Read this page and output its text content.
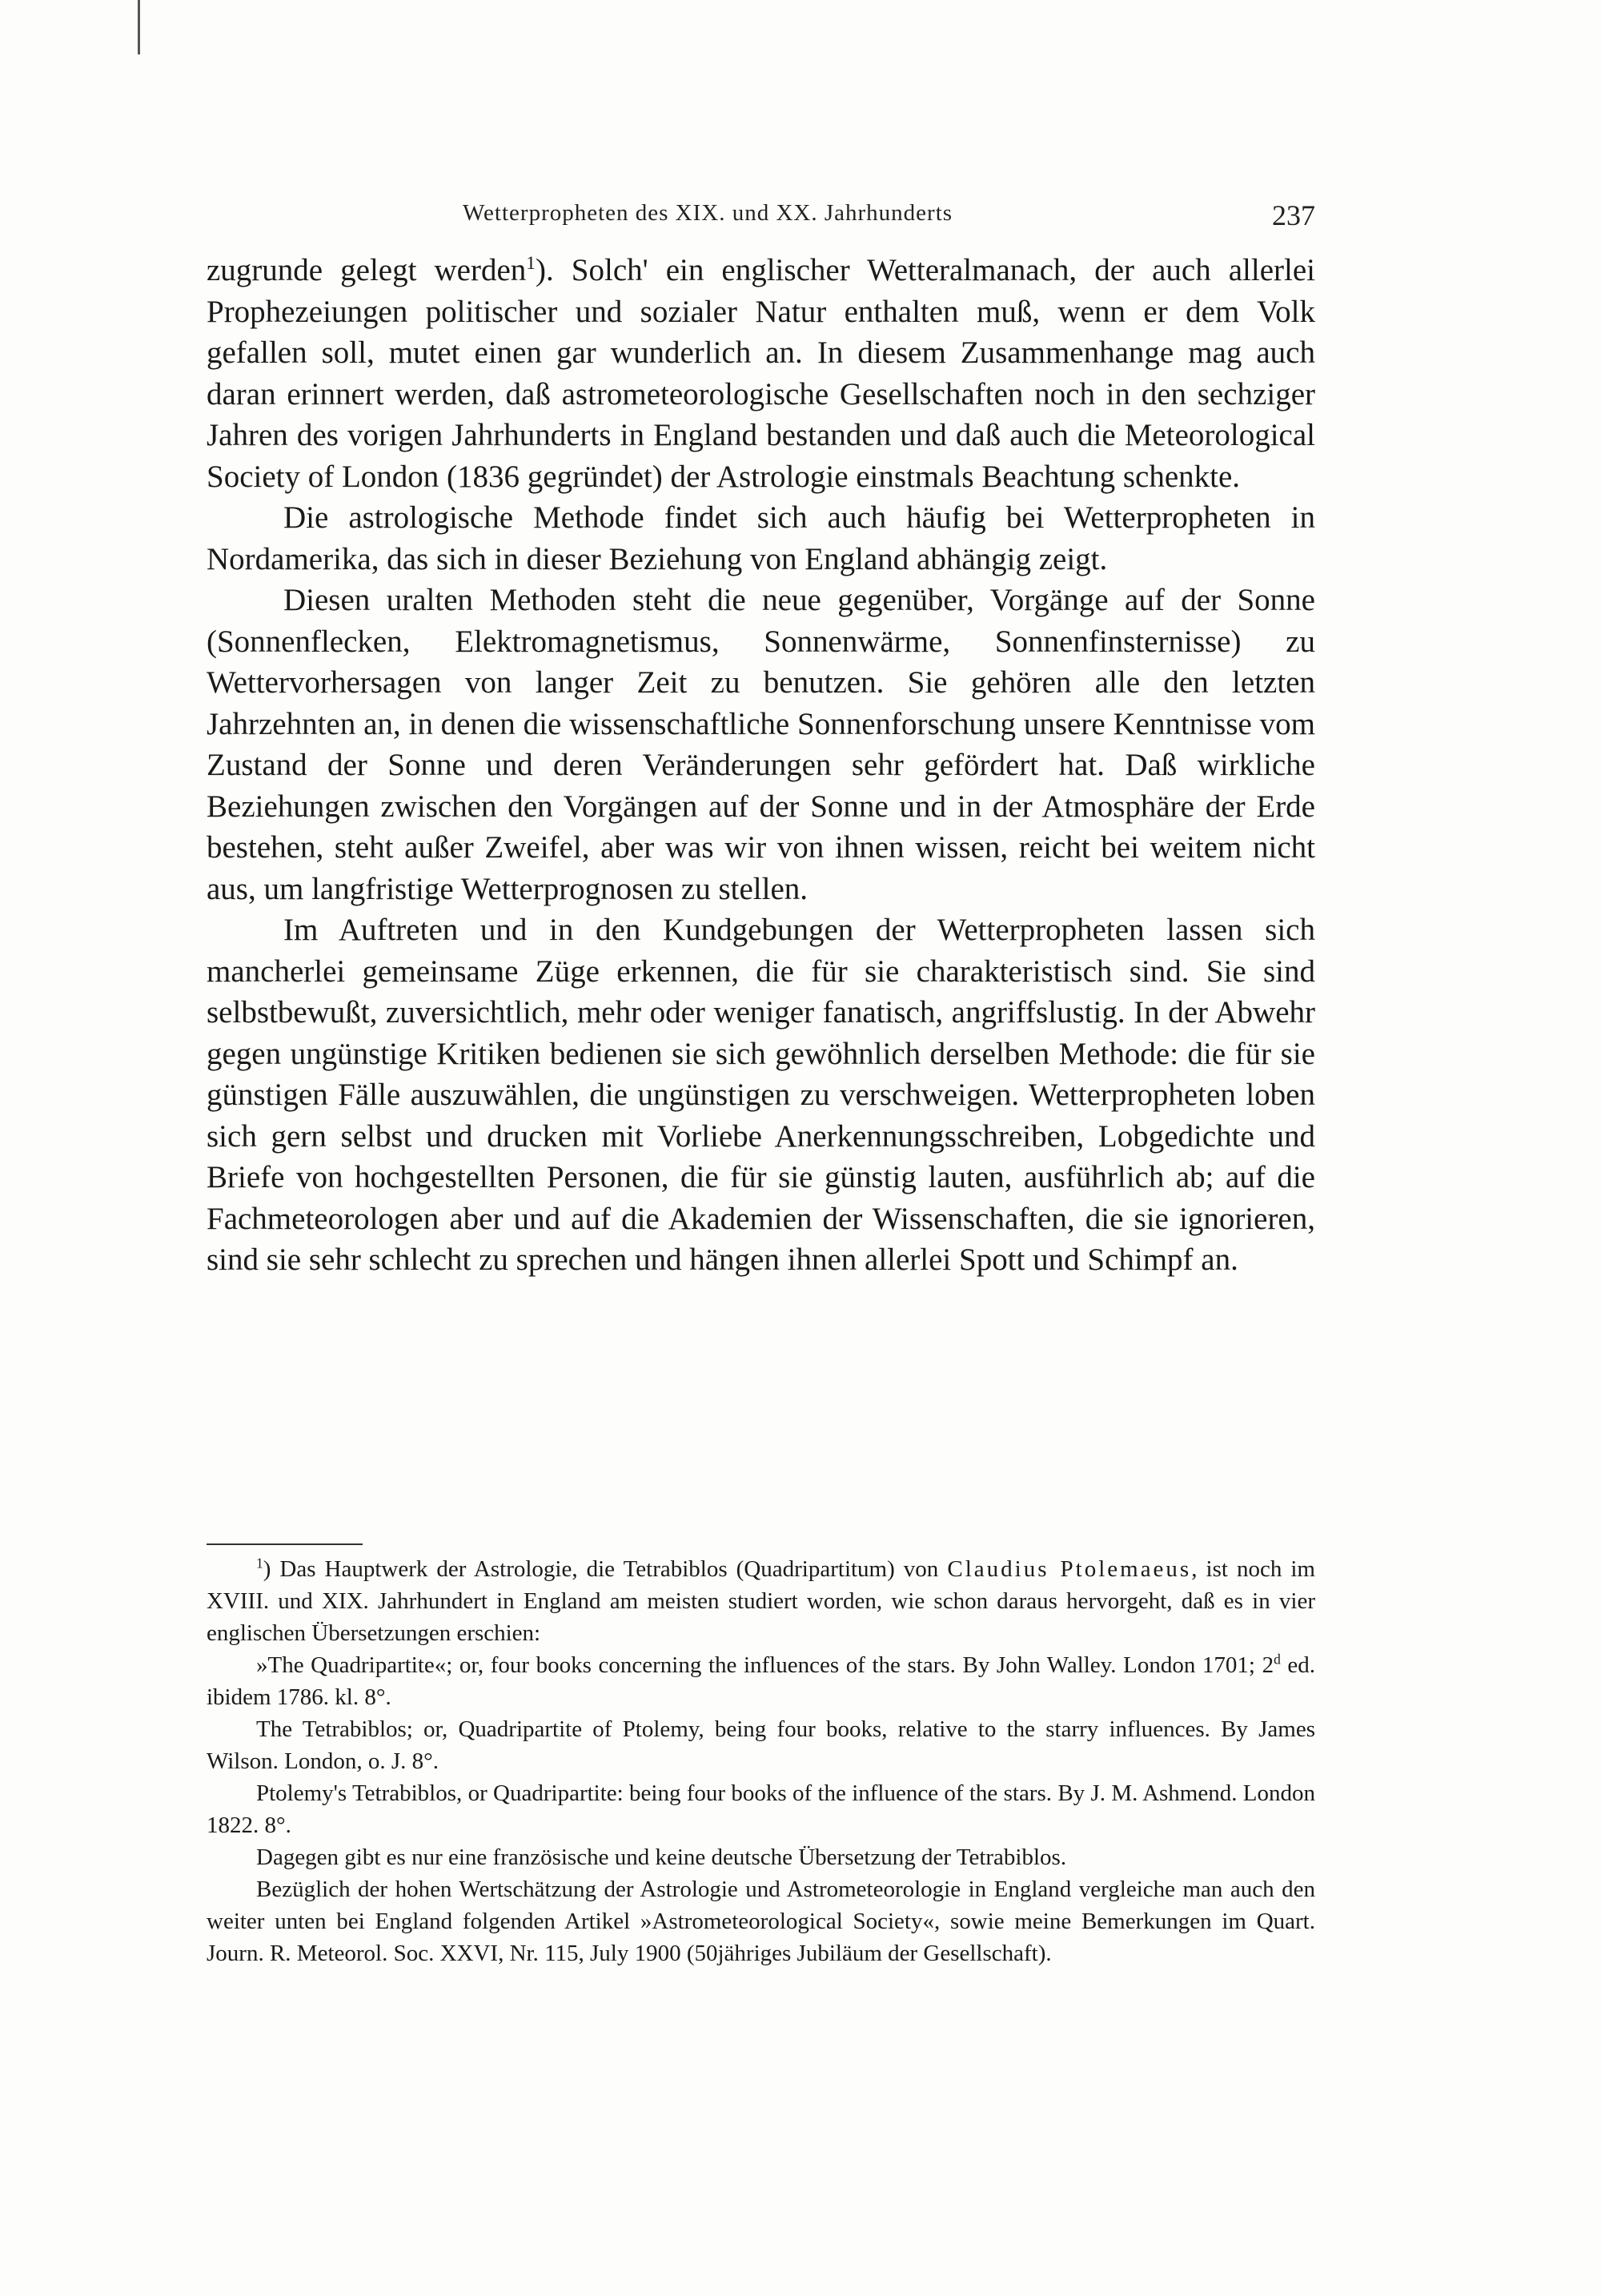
Wetterpropheten des XIX. und XX. Jahrhunderts	237

zugrunde gelegt werden$^1$). Solch' ein englischer Wetteralmanach, der auch allerlei Prophezeiungen politischer und sozialer Natur enthalten muß, wenn er dem Volk gefallen soll, mutet einen gar wunderlich an. In diesem Zusammenhange mag auch daran erinnert werden, daß astrometeorologische Gesellschaften noch in den sechziger Jahren des vorigen Jahrhunderts in England bestanden und daß auch die Meteorological Society of London (1836 gegründet) der Astrologie einstmals Beachtung schenkte.

Die astrologische Methode findet sich auch häufig bei Wetterpropheten in Nordamerika, das sich in dieser Beziehung von England abhängig zeigt.

Diesen uralten Methoden steht die neue gegenüber, Vorgänge auf der Sonne (Sonnenflecken, Elektromagnetismus, Sonnenwärme, Sonnenfinsternisse) zu Wettervorhersagen von langer Zeit zu benutzen. Sie gehören alle den letzten Jahrzehnten an, in denen die wissenschaftliche Sonnenforschung unsere Kenntnisse vom Zustand der Sonne und deren Veränderungen sehr gefördert hat. Daß wirkliche Beziehungen zwischen den Vorgängen auf der Sonne und in der Atmosphäre der Erde bestehen, steht außer Zweifel, aber was wir von ihnen wissen, reicht bei weitem nicht aus, um langfristige Wetterprognosen zu stellen.

Im Auftreten und in den Kundgebungen der Wetterpropheten lassen sich mancherlei gemeinsame Züge erkennen, die für sie charakteristisch sind. Sie sind selbstbewußt, zuversichtlich, mehr oder weniger fanatisch, angriffslustig. In der Abwehr gegen ungünstige Kritiken bedienen sie sich gewöhnlich derselben Methode: die für sie günstigen Fälle auszuwählen, die ungünstigen zu verschweigen. Wetterpropheten loben sich gern selbst und drucken mit Vorliebe Anerkennungsschreiben, Lobgedichte und Briefe von hochgestellten Personen, die für sie günstig lauten, ausführlich ab; auf die Fachmeteorologen aber und auf die Akademien der Wissenschaften, die sie ignorieren, sind sie sehr schlecht zu sprechen und hängen ihnen allerlei Spott und Schimpf an.

$^1$) Das Hauptwerk der Astrologie, die Tetrabiblos (Quadripartitum) von Claudius Ptolemaeus, ist noch im XVIII. und XIX. Jahrhundert in England am meisten studiert worden, wie schon daraus hervorgeht, daß es in vier englischen Übersetzungen erschien:

»The Quadripartite«; or, four books concerning the influences of the stars. By John Walley. London 1701; 2$^d$ ed. ibidem 1786. kl. 8°.

The Tetrabiblos; or, Quadripartite of Ptolemy, being four books, relative to the starry influences. By James Wilson. London, o. J. 8°.

Ptolemy's Tetrabiblos, or Quadripartite: being four books of the influence of the stars. By J. M. Ashmend. London 1822. 8°.

Dagegen gibt es nur eine französische und keine deutsche Übersetzung der Tetrabiblos.

Bezüglich der hohen Wertschätzung der Astrologie und Astrometeorologie in England vergleiche man auch den weiter unten bei England folgenden Artikel »Astrometeorological Society«, sowie meine Bemerkungen im Quart. Journ. R. Meteorol. Soc. XXVI, Nr. 115, July 1900 (50jähriges Jubiläum der Gesellschaft).
